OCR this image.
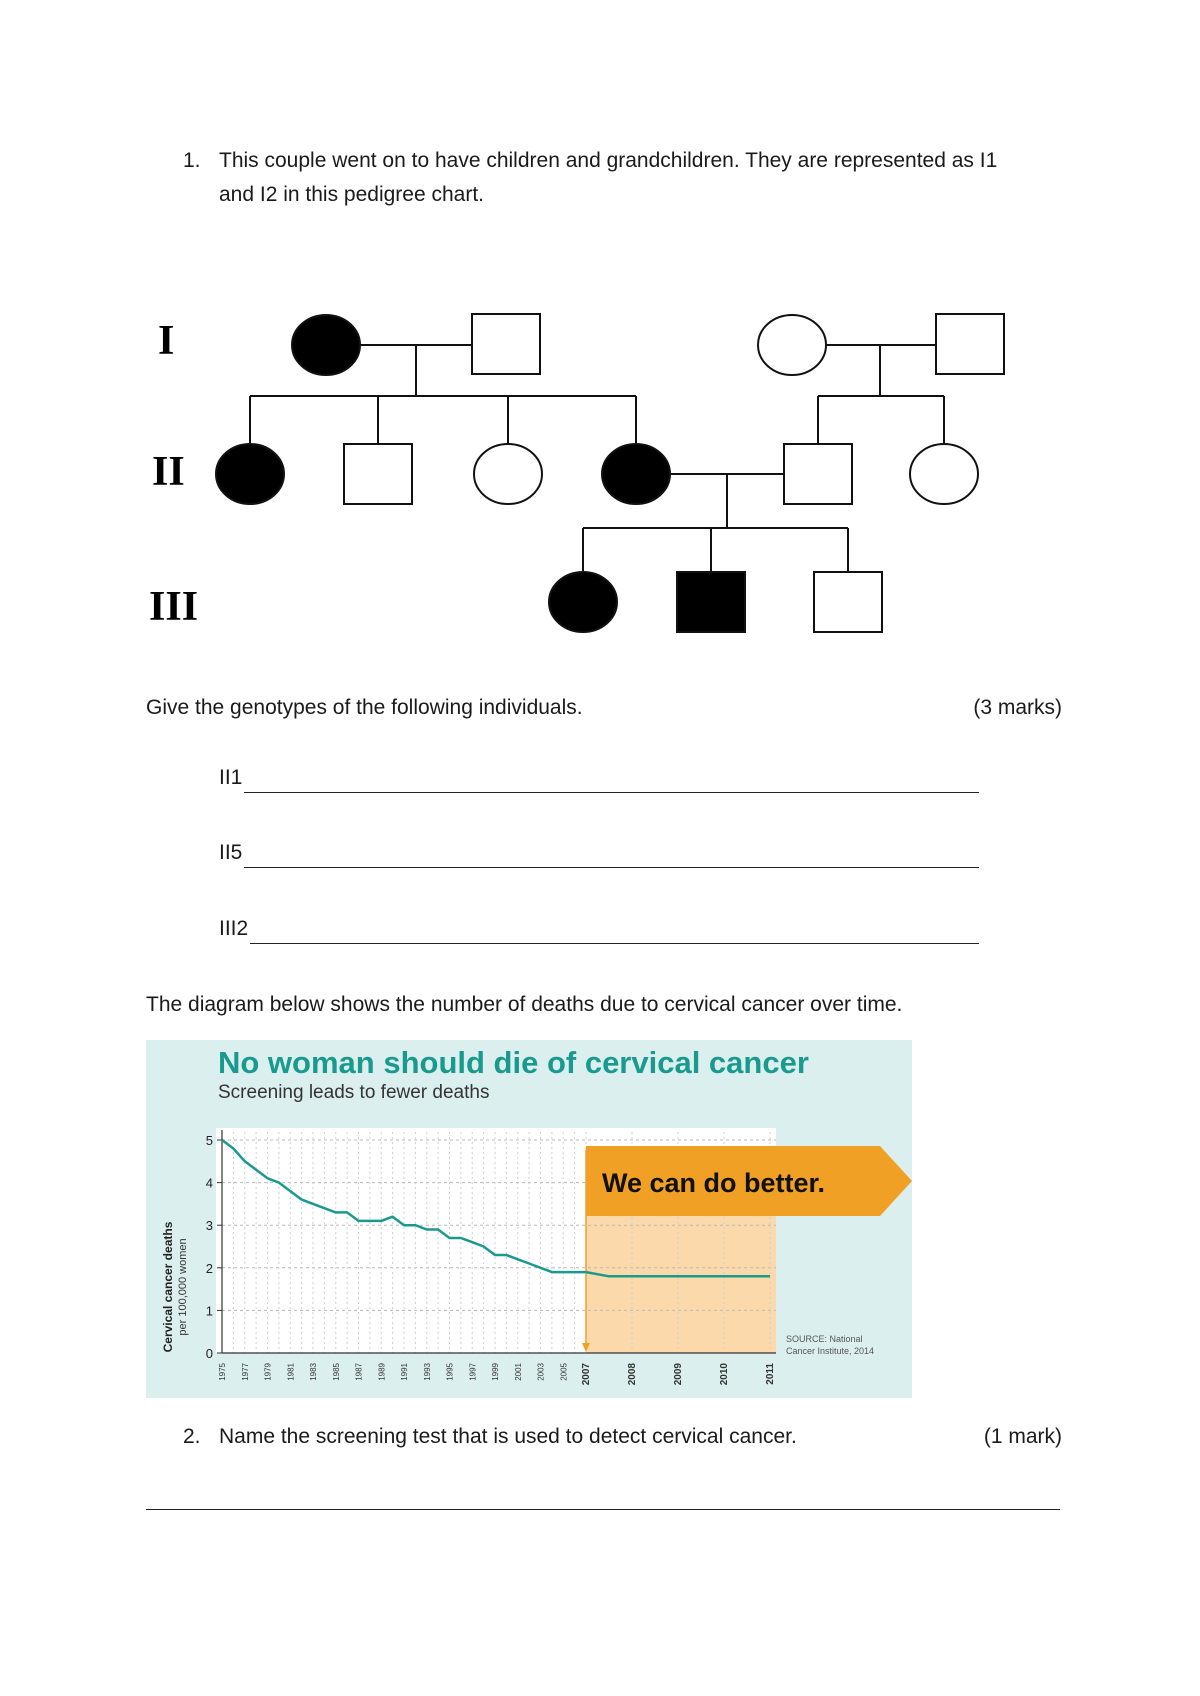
1. This couple went on to have children and grandchildren. They are represented as I1
and I2 in this pedigree chart.
I
II
III
Give the genotypes of the following individuals.	(3 marks)
II1
II5
III2
The diagram below shows the number of deaths due to cervical cancer over time.
No woman should die of cervical cancer
Screening leads to fewer deaths
0
1
2
3
4
5
1975 1977 1979 1981 1983 1985 1987 1989 1991 1993 1995 1997 1999 2001 2003 2005 2007	2008	2009	2010	2011
We can do better.
SOURCE: National
Cancer Institute, 2014
Cervical cancer deaths per 100,000 women
2. Name the screening test that is used to detect cervical cancer.	(1 mark)
